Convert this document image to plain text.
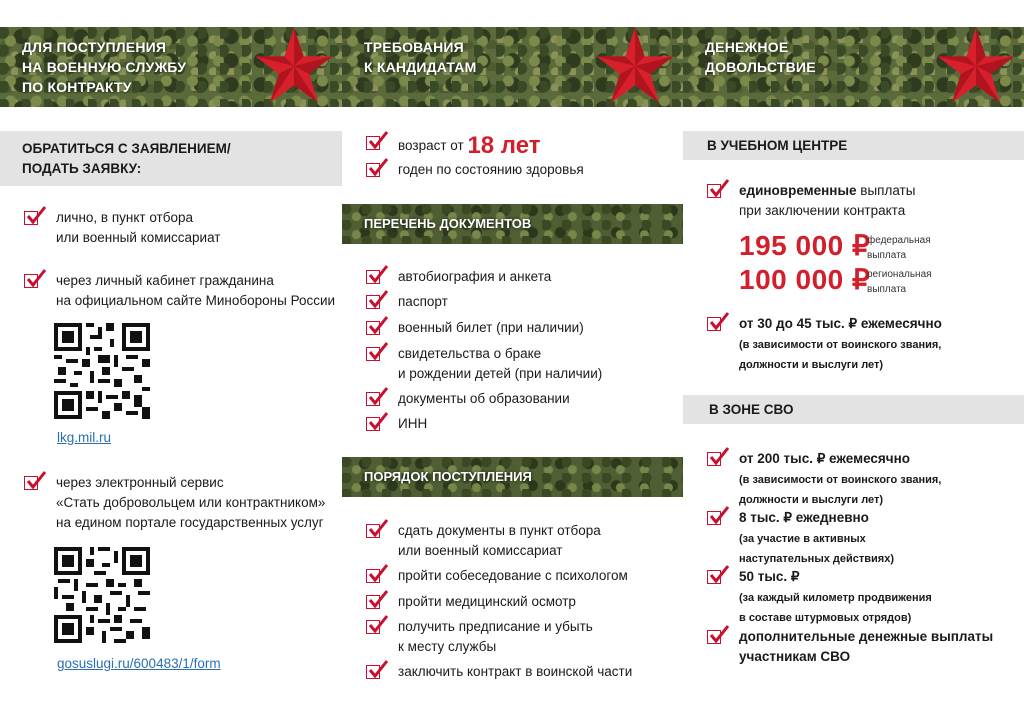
ДЛЯ ПОСТУПЛЕНИЯ
НА ВОЕННУЮ СЛУЖБУ
ПО КОНТРАКТУ
ТРЕБОВАНИЯ
К КАНДИДАТАМ
ДЕНЕЖНОЕ
ДОВОЛЬСТВИЕ
ОБРАТИТЬСЯ С ЗАЯВЛЕНИЕМ/
ПОДАТЬ ЗАЯВКУ:
лично, в пункт отбора
или военный комиссариат
через личный кабинет гражданина
на официальном сайте Минобороны России
lkg.mil.ru
через электронный сервис
«Стать добровольцем или контрактником»
на едином портале государственных услуг
gosuslugi.ru/600483/1/form
возраст от 18 лет
годен по состоянию здоровья
ПЕРЕЧЕНЬ ДОКУМЕНТОВ
автобиография и анкета
паспорт
военный билет (при наличии)
свидетельства о браке
и рождении детей (при наличии)
документы об образовании
ИНН
ПОРЯДОК ПОСТУПЛЕНИЯ
сдать документы в пункт отбора
или военный комиссариат
пройти собеседование с психологом
пройти медицинский осмотр
получить предписание и убыть
к месту службы
заключить контракт в воинской части
В УЧЕБНОМ ЦЕНТРЕ
единовременные выплаты
при заключении контракта
195 000 ₽
федеральная
выплата
100 000 ₽
региональная
выплата
от 30 до 45 тыс. ₽ ежемесячно
(в зависимости от воинского звания,
должности и выслуги лет)
В ЗОНЕ СВО
от 200 тыс. ₽ ежемесячно
(в зависимости от воинского звания,
должности и выслуги лет)
8 тыс. ₽ ежедневно
(за участие в активных
наступательных действиях)
50 тыс. ₽
(за каждый километр продвижения
в составе штурмовых отрядов)
дополнительные денежные выплаты
участникам СВО
